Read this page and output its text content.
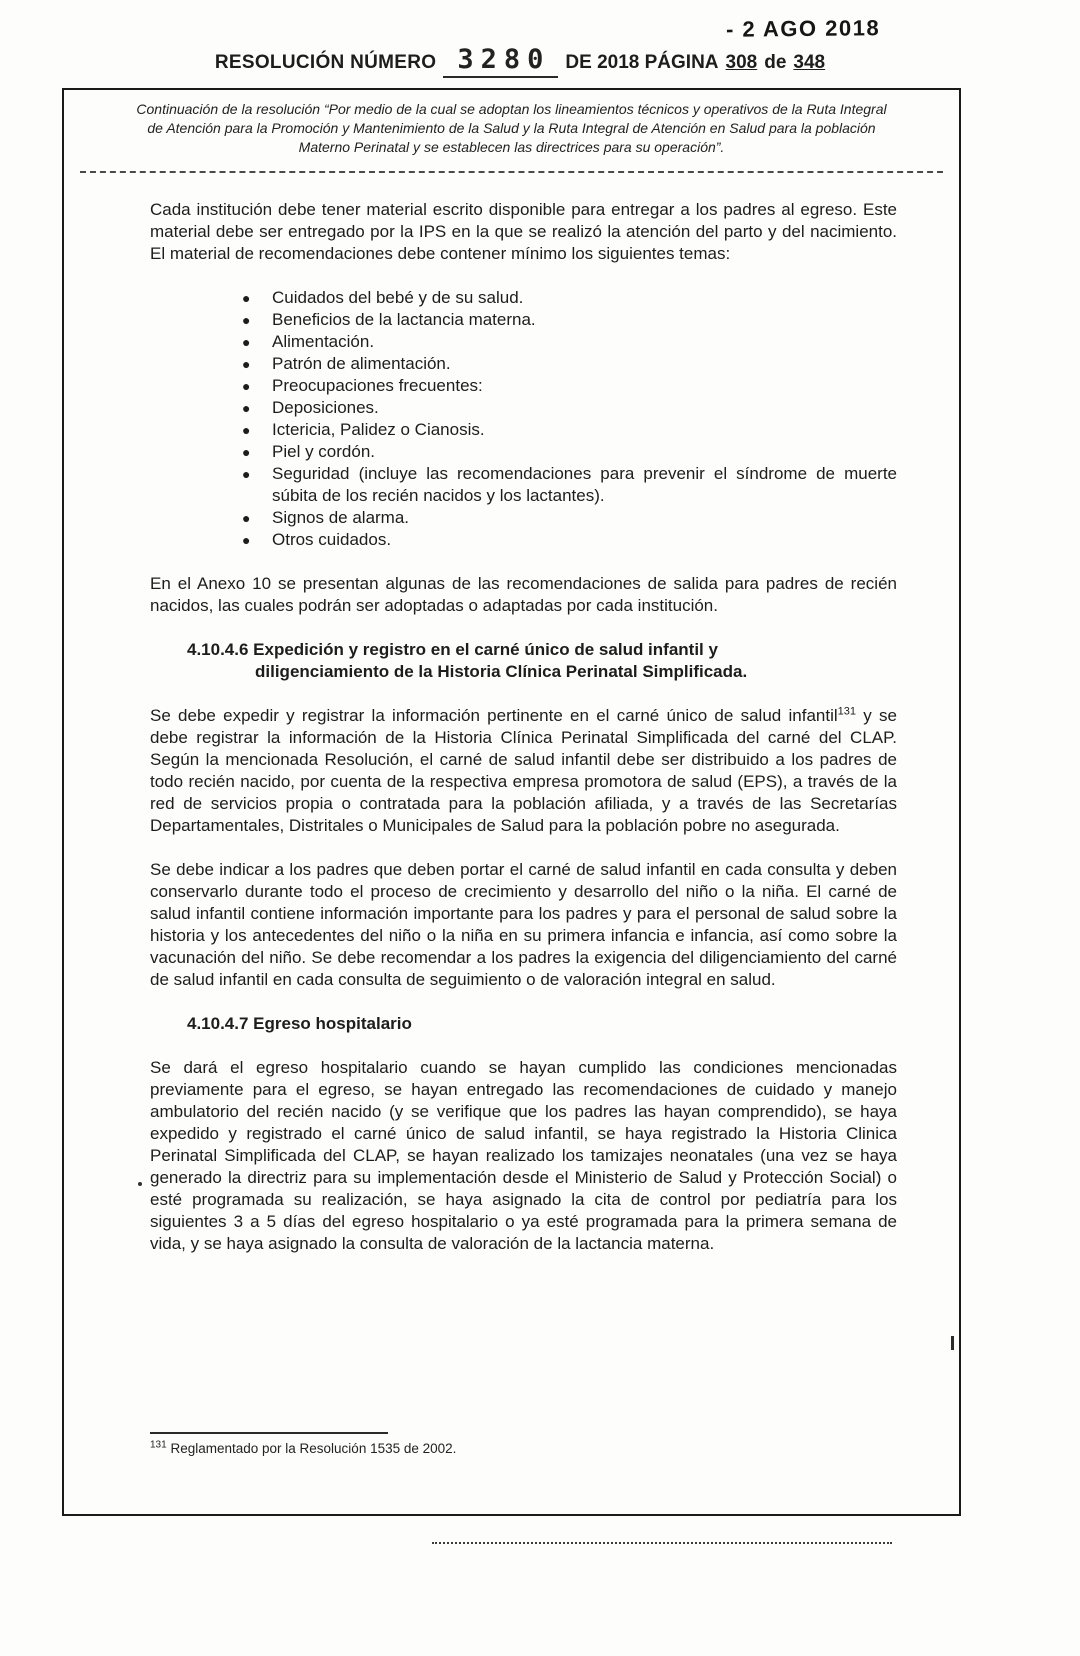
- 2 AGO 2018
RESOLUCIÓN NÚMERO 3280 DE 2018 PÁGINA 308 de 348
Continuación de la resolución “Por medio de la cual se adoptan los lineamientos técnicos y operativos de la Ruta Integral de Atención para la Promoción y Mantenimiento de la Salud y la Ruta Integral de Atención en Salud para la población Materno Perinatal y se establecen las directrices para su operación”.

Cada institución debe tener material escrito disponible para entregar a los padres al egreso. Este material debe ser entregado por la IPS en la que se realizó la atención del parto y del nacimiento. El material de recomendaciones debe contener mínimo los siguientes temas:

●	Cuidados del bebé y de su salud.
●	Beneficios de la lactancia materna.
●	Alimentación.
●	Patrón de alimentación.
●	Preocupaciones frecuentes:
●	Deposiciones.
●	Ictericia, Palidez o Cianosis.
●	Piel y cordón.
●	Seguridad (incluye las recomendaciones para prevenir el síndrome de muerte súbita de los recién nacidos y los lactantes).
●	Signos de alarma.
●	Otros cuidados.

En el Anexo 10 se presentan algunas de las recomendaciones de salida para padres de recién nacidos, las cuales podrán ser adoptadas o adaptadas por cada institución.

4.10.4.6 Expedición y registro en el carné único de salud infantil y
diligenciamiento de la Historia Clínica Perinatal Simplificada.

Se debe expedir y registrar la información pertinente en el carné único de salud infantil$^{131}$ y se debe registrar la información de la Historia Clínica Perinatal Simplificada del carné del CLAP. Según la mencionada Resolución, el carné de salud infantil debe ser distribuido a los padres de todo recién nacido, por cuenta de la respectiva empresa promotora de salud (EPS), a través de la red de servicios propia o contratada para la población afiliada, y a través de las Secretarías Departamentales, Distritales o Municipales de Salud para la población pobre no asegurada.

Se debe indicar a los padres que deben portar el carné de salud infantil en cada consulta y deben conservarlo durante todo el proceso de crecimiento y desarrollo del niño o la niña. El carné de salud infantil contiene información importante para los padres y para el personal de salud sobre la historia y los antecedentes del niño o la niña en su primera infancia e infancia, así como sobre la vacunación del niño. Se debe recomendar a los padres la exigencia del diligenciamiento del carné de salud infantil en cada consulta de seguimiento o de valoración integral en salud.

4.10.4.7 Egreso hospitalario

Se dará el egreso hospitalario cuando se hayan cumplido las condiciones mencionadas previamente para el egreso, se hayan entregado las recomendaciones de cuidado y manejo ambulatorio del recién nacido (y se verifique que los padres las hayan comprendido), se haya expedido y registrado el carné único de salud infantil, se haya registrado la Historia Clinica Perinatal Simplificada del CLAP, se hayan realizado los tamizajes neonatales (una vez se haya generado la directriz para su implementación desde el Ministerio de Salud y Protección Social) o esté programada su realización, se haya asignado la cita de control por pediatría para los siguientes 3 a 5 días del egreso hospitalario o ya esté programada para la primera semana de vida, y se haya asignado la consulta de valoración de la lactancia materna.

$^{131}$ Reglamentado por la Resolución 1535 de 2002.
